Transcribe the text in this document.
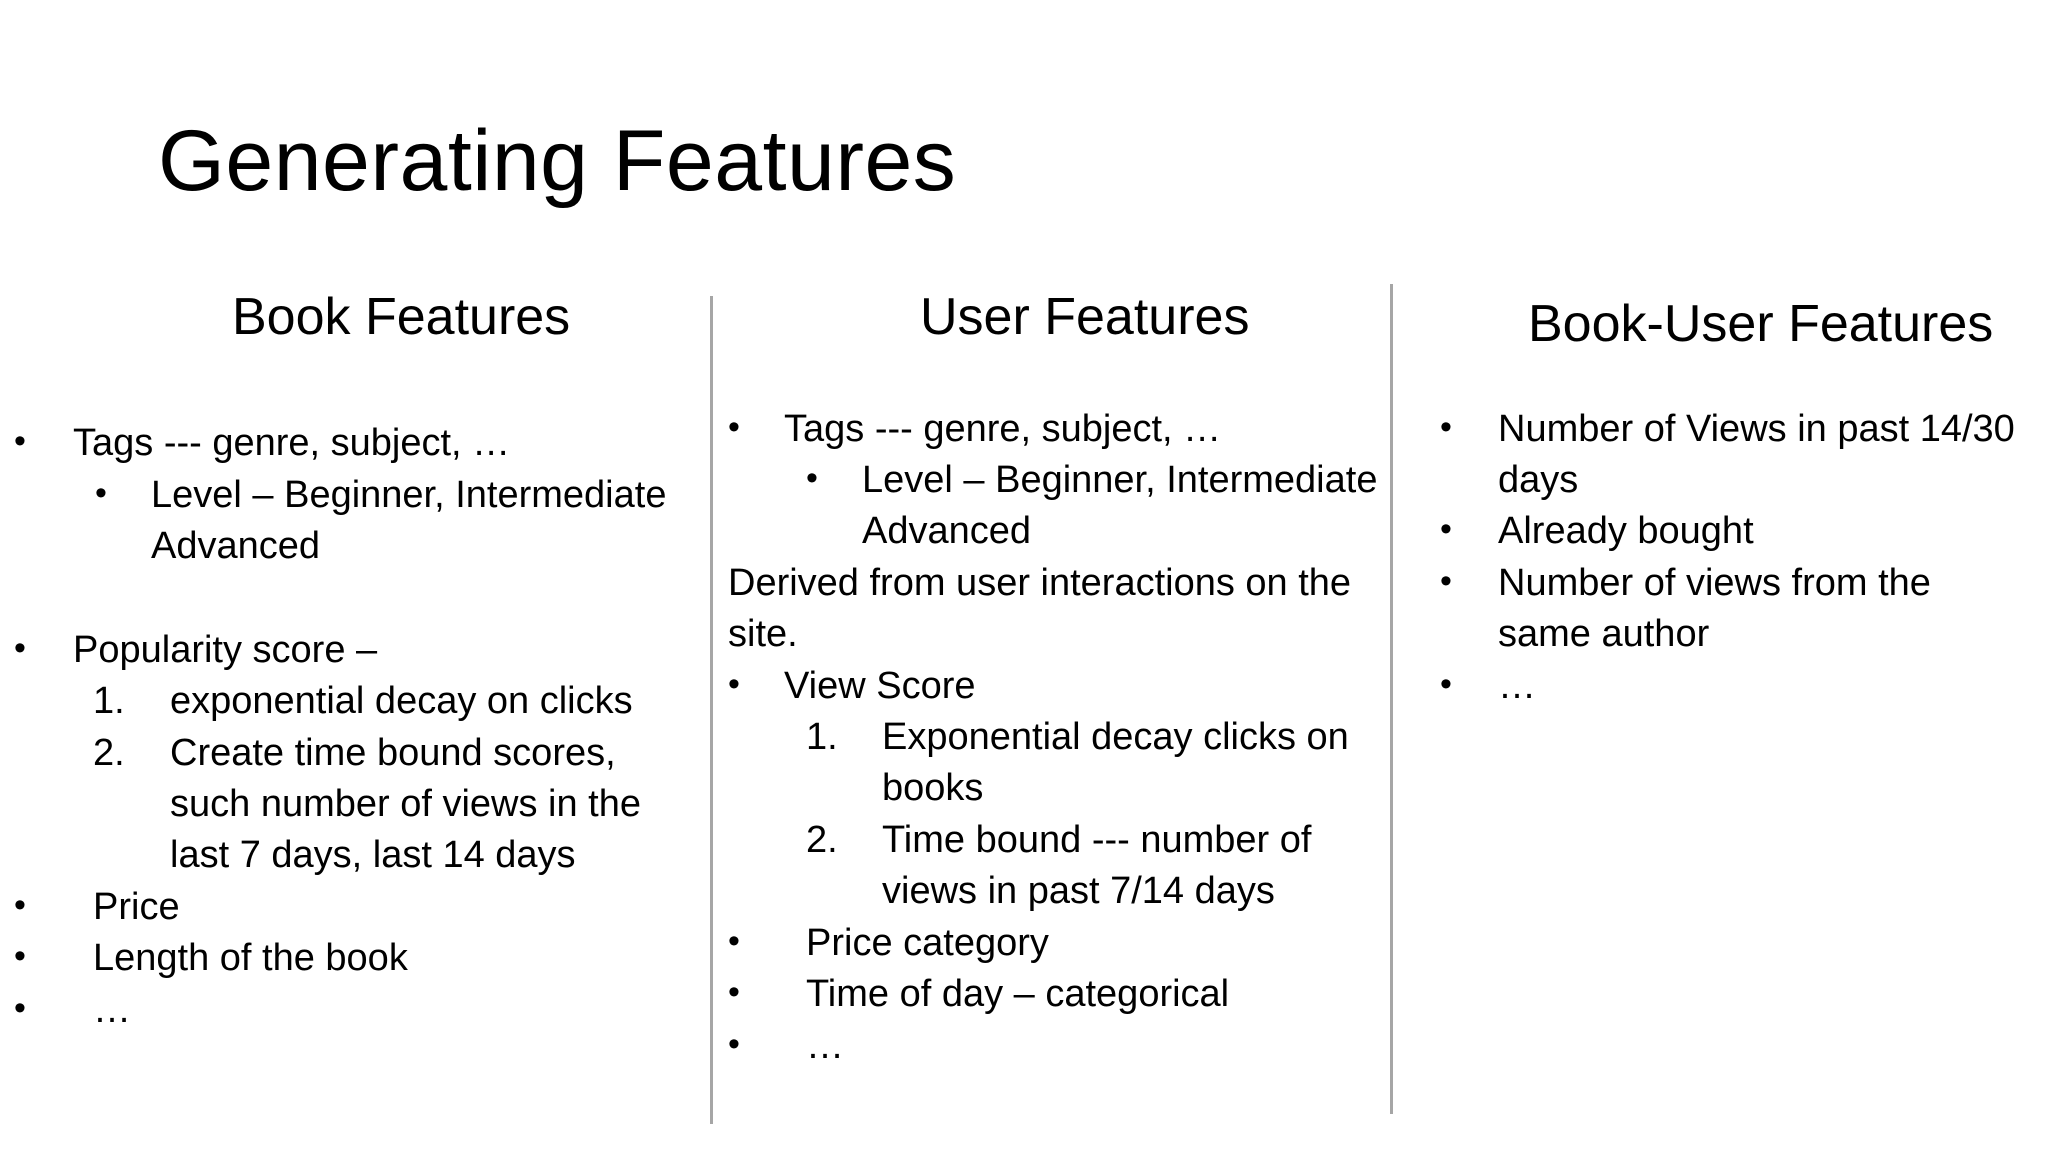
Generating Features
Book Features
• Tags --- genre, subject, …
• Level – Beginner, Intermediate
Advanced
• Popularity score –
1. exponential decay on clicks
2. Create time bound scores,
such number of views in the
last 7 days, last 14 days
• Price
• Length of the book
• …
User Features
• Tags --- genre, subject, …
• Level – Beginner, Intermediate
Advanced
Derived from user interactions on the
site.
• View Score
1. Exponential decay clicks on
books
2. Time bound --- number of
views in past 7/14 days
• Price category
• Time of day – categorical
• …
Book-User Features
• Number of Views in past 14/30
days
• Already bought
• Number of views from the
same author
• …
